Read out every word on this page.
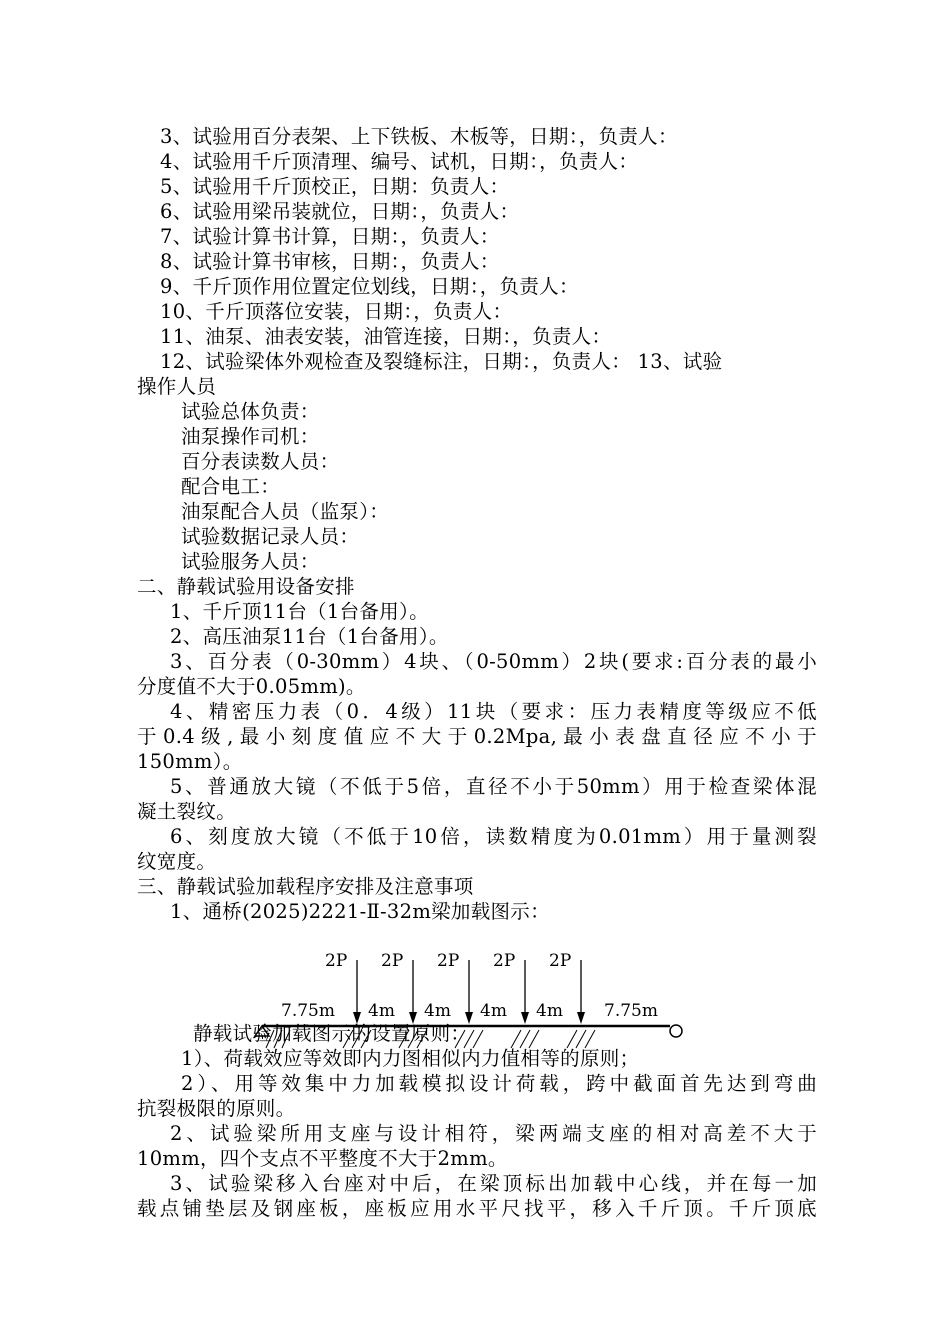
3、试验用百分表架、上下铁板、木板等，日期：，负责人：
4、试验用千斤顶清理、编号、试机，日期：，负责人：
5、试验用千斤顶校正，日期：负责人：
6、试验用梁吊装就位，日期：，负责人：
7、试验计算书计算，日期：，负责人：
8、试验计算书审核，日期：，负责人：
9、千斤顶作用位置定位划线，日期：，负责人：
10、千斤顶落位安装，日期：，负责人：
11、油泵、油表安装，油管连接，日期：，负责人：
12、试验梁体外观检查及裂缝标注，日期：，负责人： 13、试验
操作人员
试验总体负责：
油泵操作司机：
百分表读数人员：
配合电工：
油泵配合人员（监泵）：
试验数据记录人员：
试验服务人员：
二、静载试验用设备安排
1、千斤顶11台（1台备用）。
2、高压油泵11台（1台备用）。
3、百分表（0-30mm）4块、（0-50mm）2块(要求:百分表的最小
分度值不大于0.05mm)。
4、精密压力表（0．4级）11块（要求：压力表精度等级应不低
于0.4级,最小刻度值应不大于0.2Mpa,最小表盘直径应不小于
150mm）。
5、普通放大镜（不低于5倍，直径不小于50mm）用于检查梁体混
凝土裂纹。
6、刻度放大镜（不低于10倍，读数精度为0.01mm）用于量测裂
纹宽度。
三、静载试验加载程序安排及注意事项
1、通桥(2025)2221-Ⅱ-32m梁加载图示：
2P 2P 2P 2P 2P
7.75m 4m 4m 4m 4m 7.75m
静载试验加载图示的设置原则：
1）、荷载效应等效即内力图相似内力值相等的原则；
2）、用等效集中力加载模拟设计荷载，跨中截面首先达到弯曲
抗裂极限的原则。
2、试验梁所用支座与设计相符，梁两端支座的相对高差不大于
10mm，四个支点不平整度不大于2mm。
3、试验梁移入台座对中后，在梁顶标出加载中心线，并在每一加
载点铺垫层及钢座板，座板应用水平尺找平，移入千斤顶。千斤顶底
